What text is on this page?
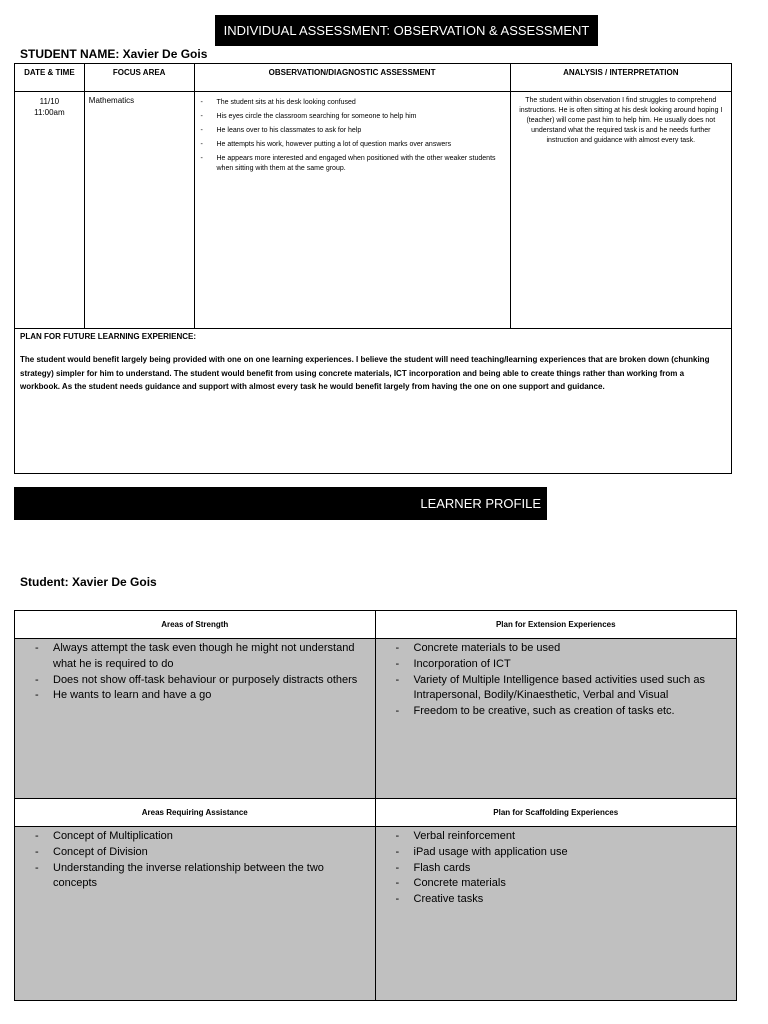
INDIVIDUAL ASSESSMENT: OBSERVATION & ASSESSMENT
STUDENT NAME: Xavier De Gois
DATE & TIME	FOCUS AREA	OBSERVATION/DIAGNOSTIC ASSESSMENT	ANALYSIS / INTERPRETATION
11/10
11:00am
Mathematics
-	The student sits at his desk looking confused
- His eyes circle the classroom searching for someone to help him
- He leans over to his classmates to ask for help
- He attempts his work, however putting a lot of question marks over answers
- He appears more interested and engaged when positioned with the other weaker students when sitting with them at the same group.
The student within observation I find struggles to comprehend instructions. He is often sitting at his desk looking around hoping I (teacher) will come past him to help him. He usually does not understand what the required task is and he needs further instruction and guidance with almost every task.
PLAN FOR FUTURE LEARNING EXPERIENCE:
The student would benefit largely being provided with one on one learning experiences. I believe the student will need teaching/learning experiences that are broken down (chunking strategy) simpler for him to understand. The student would benefit from using concrete materials, ICT incorporation and being able to create things rather than working from a workbook. As the student needs guidance and support with almost every task he would benefit largely from having the one on one support and guidance.
LEARNER PROFILE
Student: Xavier De Gois
Areas of Strength
- Always attempt the task even though he might not understand what he is required to do
- Does not show off-task behaviour or purposely distracts others
- He wants to learn and have a go
Plan for Extension Experiences
- Concrete materials to be used
- Incorporation of ICT
- Variety of Multiple Intelligence based activities used such as Intrapersonal, Bodily/Kinaesthetic, Verbal and Visual
- Freedom to be creative, such as creation of tasks etc.
Areas Requiring Assistance
- Concept of Multiplication
- Concept of Division
- Understanding the inverse relationship between the two concepts
Plan for Scaffolding Experiences
- Verbal reinforcement
- iPad usage with application use
- Flash cards
- Concrete materials
- Creative tasks
